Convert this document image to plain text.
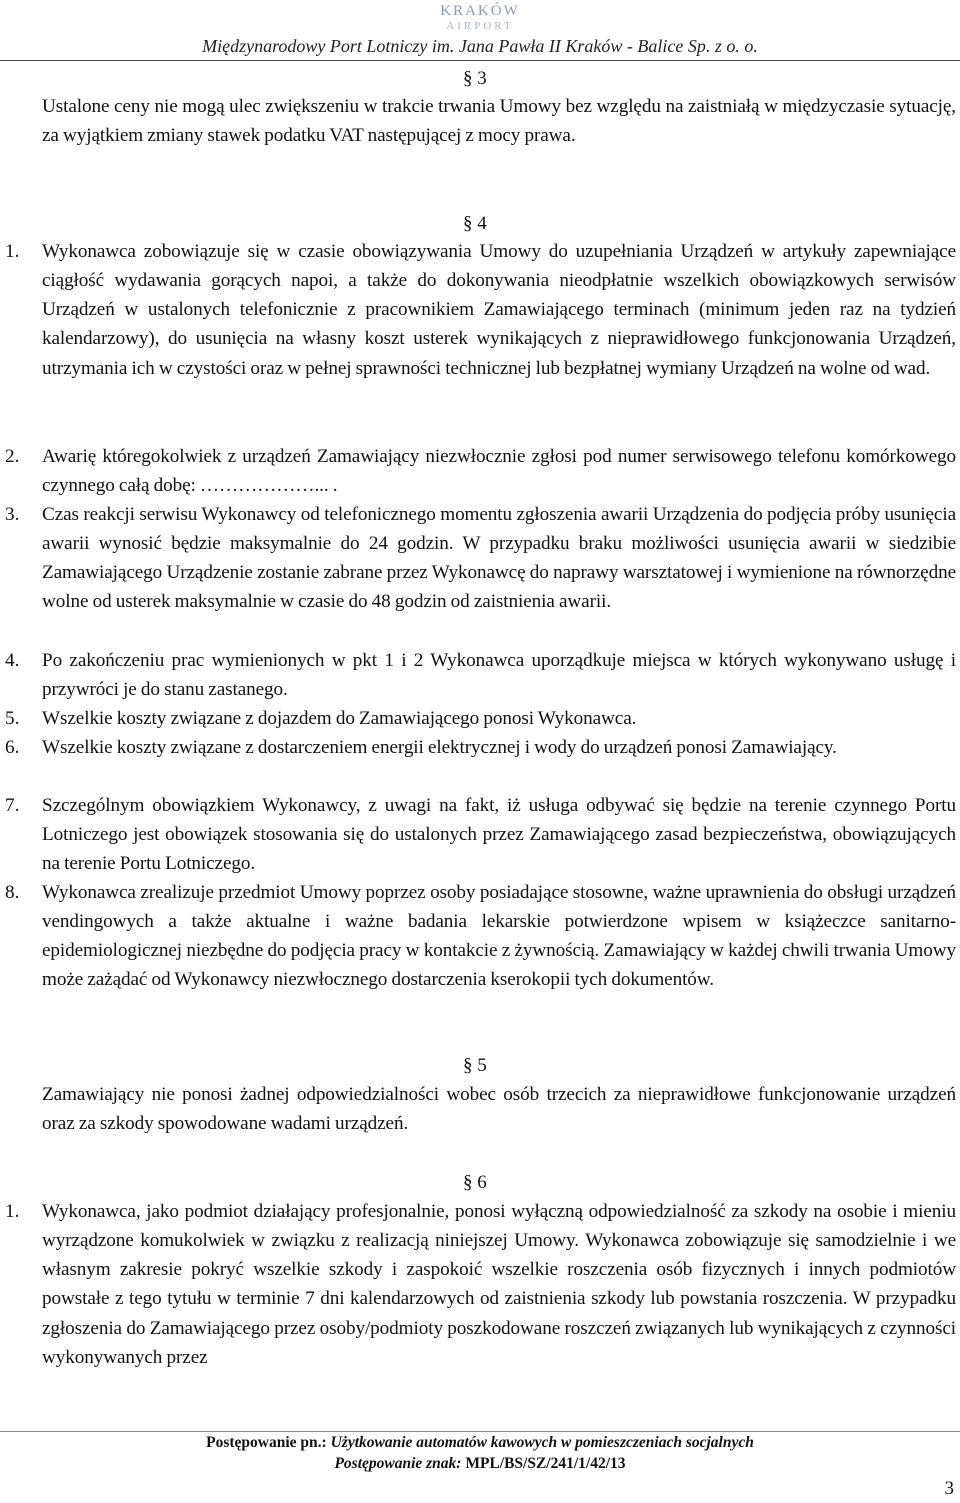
KRAKÓW
AIRPORT
Międzynarodowy Port Lotniczy im. Jana Pawła II Kraków - Balice Sp. z o. o.
§ 3
Ustalone ceny nie mogą ulec zwiększeniu w trakcie trwania Umowy bez względu na zaistniałą w międzyczasie sytuację, za wyjątkiem zmiany stawek podatku VAT następującej z mocy prawa.
§ 4
1. Wykonawca zobowiązuje się w czasie obowiązywania Umowy do uzupełniania Urządzeń w artykuły zapewniające ciągłość wydawania gorących napoi, a także do dokonywania nieodpłatnie wszelkich obowiązkowych serwisów Urządzeń w ustalonych telefonicznie z pracownikiem Zamawiającego terminach (minimum jeden raz na tydzień kalendarzowy), do usunięcia na własny koszt usterek wynikających z nieprawidłowego funkcjonowania Urządzeń, utrzymania ich w czystości oraz w pełnej sprawności technicznej lub bezpłatnej wymiany Urządzeń na wolne od wad.
2. Awarię któregokolwiek z urządzeń Zamawiający niezwłocznie zgłosi pod numer serwisowego telefonu komórkowego czynnego całą dobę: ………………... .
3. Czas reakcji serwisu Wykonawcy od telefonicznego momentu zgłoszenia awarii Urządzenia do podjęcia próby usunięcia awarii wynosić będzie maksymalnie do 24 godzin. W przypadku braku możliwości usunięcia awarii w siedzibie Zamawiającego Urządzenie zostanie zabrane przez Wykonawcę do naprawy warsztatowej i wymienione na równorzędne wolne od usterek maksymalnie w czasie do 48 godzin od zaistnienia awarii.
4. Po zakończeniu prac wymienionych w pkt 1 i 2 Wykonawca uporządkuje miejsca w których wykonywano usługę i przywróci je do stanu zastanego.
5. Wszelkie koszty związane z dojazdem do Zamawiającego ponosi Wykonawca.
6. Wszelkie koszty związane z dostarczeniem energii elektrycznej i wody do urządzeń ponosi Zamawiający.
7. Szczególnym obowiązkiem Wykonawcy, z uwagi na fakt, iż usługa odbywać się będzie na terenie czynnego Portu Lotniczego jest obowiązek stosowania się do ustalonych przez Zamawiającego zasad bezpieczeństwa, obowiązujących na terenie Portu Lotniczego.
8. Wykonawca zrealizuje przedmiot Umowy poprzez osoby posiadające stosowne, ważne uprawnienia do obsługi urządzeń vendingowych a także aktualne i ważne badania lekarskie potwierdzone wpisem w książeczce sanitarno- epidemiologicznej niezbędne do podjęcia pracy w kontakcie z żywnością. Zamawiający w każdej chwili trwania Umowy może zażądać od Wykonawcy niezwłocznego dostarczenia kserokopii tych dokumentów.
§ 5
Zamawiający nie ponosi żadnej odpowiedzialności wobec osób trzecich za nieprawidłowe funkcjonowanie urządzeń oraz za szkody spowodowane wadami urządzeń.
§ 6
1. Wykonawca, jako podmiot działający profesjonalnie, ponosi wyłączną odpowiedzialność za szkody na osobie i mieniu wyrządzone komukolwiek w związku z realizacją niniejszej Umowy. Wykonawca zobowiązuje się samodzielnie i we własnym zakresie pokryć wszelkie szkody i zaspokoić wszelkie roszczenia osób fizycznych i innych podmiotów powstałe z tego tytułu w terminie 7 dni kalendarzowych od zaistnienia szkody lub powstania roszczenia. W przypadku zgłoszenia do Zamawiającego przez osoby/podmioty poszkodowane roszczeń związanych lub wynikających z czynności wykonywanych przez
Postępowanie pn.: Użytkowanie automatów kawowych w pomieszczeniach socjalnych
Postępowanie znak: MPL/BS/SZ/241/1/42/13
3
